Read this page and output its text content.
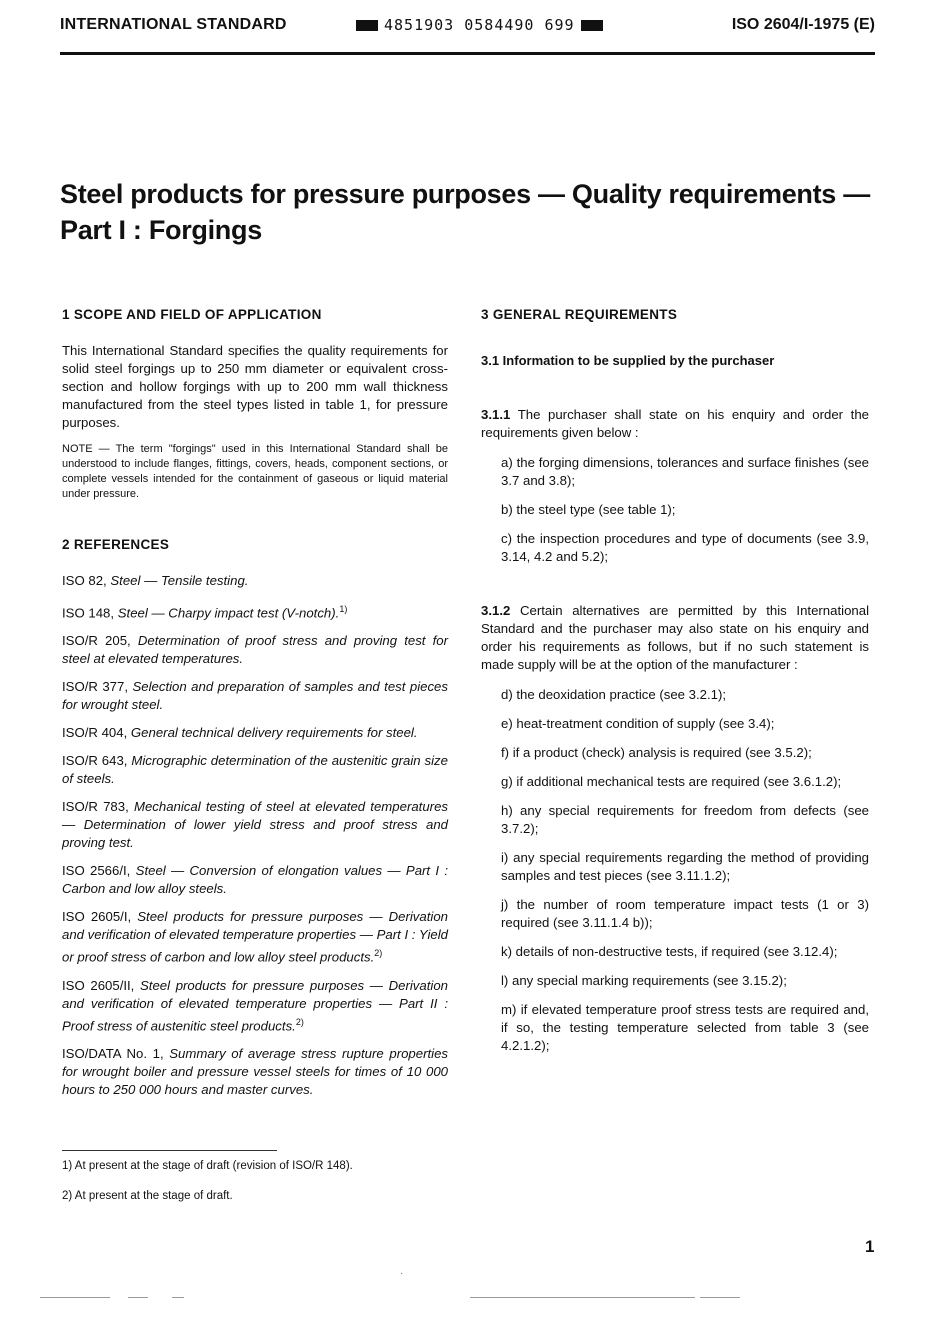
INTERNATIONAL STANDARD	4851903 0584490 699	ISO 2604/I-1975 (E)
Steel products for pressure purposes — Quality requirements —
Part I : Forgings
1 SCOPE AND FIELD OF APPLICATION

This International Standard specifies the quality requirements for solid steel forgings up to 250 mm diameter or equivalent cross-section and hollow forgings with up to 200 mm wall thickness manufactured from the steel types listed in table 1, for pressure purposes.

NOTE — The term "forgings" used in this International Standard shall be understood to include flanges, fittings, covers, heads, component sections, or complete vessels intended for the containment of gaseous or liquid material under pressure.

2 REFERENCES

ISO 82, Steel — Tensile testing.

ISO 148, Steel — Charpy impact test (V-notch).$^{1)}$

ISO/R 205, Determination of proof stress and proving test for steel at elevated temperatures.

ISO/R 377, Selection and preparation of samples and test pieces for wrought steel.

ISO/R 404, General technical delivery requirements for steel.

ISO/R 643, Micrographic determination of the austenitic grain size of steels.

ISO/R 783, Mechanical testing of steel at elevated temperatures — Determination of lower yield stress and proof stress and proving test.

ISO 2566/I, Steel — Conversion of elongation values — Part I : Carbon and low alloy steels.

ISO 2605/I, Steel products for pressure purposes — Derivation and verification of elevated temperature properties — Part I : Yield or proof stress of carbon and low alloy steel products.$^{2)}$

ISO 2605/II, Steel products for pressure purposes — Derivation and verification of elevated temperature properties — Part II : Proof stress of austenitic steel products.$^{2)}$

ISO/DATA No. 1, Summary of average stress rupture properties for wrought boiler and pressure vessel steels for times of 10 000 hours to 250 000 hours and master curves.

3 GENERAL REQUIREMENTS
3.1 Information to be supplied by the purchaser

3.1.1 The purchaser shall state on his enquiry and order the requirements given below :

a) the forging dimensions, tolerances and surface finishes (see 3.7 and 3.8);
b) the steel type (see table 1);
c) the inspection procedures and type of documents (see 3.9, 3.14, 4.2 and 5.2);

3.1.2 Certain alternatives are permitted by this International Standard and the purchaser may also state on his enquiry and order his requirements as follows, but if no such statement is made supply will be at the option of the manufacturer :

d) the deoxidation practice (see 3.2.1);
e) heat-treatment condition of supply (see 3.4);
f) if a product (check) analysis is required (see 3.5.2);
g) if additional mechanical tests are required (see 3.6.1.2);
h) any special requirements for freedom from defects (see 3.7.2);
i) any special requirements regarding the method of providing samples and test pieces (see 3.11.1.2);
j) the number of room temperature impact tests (1 or 3) required (see 3.11.1.4 b));
k) details of non-destructive tests, if required (see 3.12.4);
l) any special marking requirements (see 3.15.2);
m) if elevated temperature proof stress tests are required and, if so, the testing temperature selected from table 3 (see 4.2.1.2);
1) At present at the stage of draft (revision of ISO/R 148).
2) At present at the stage of draft.
1
·
